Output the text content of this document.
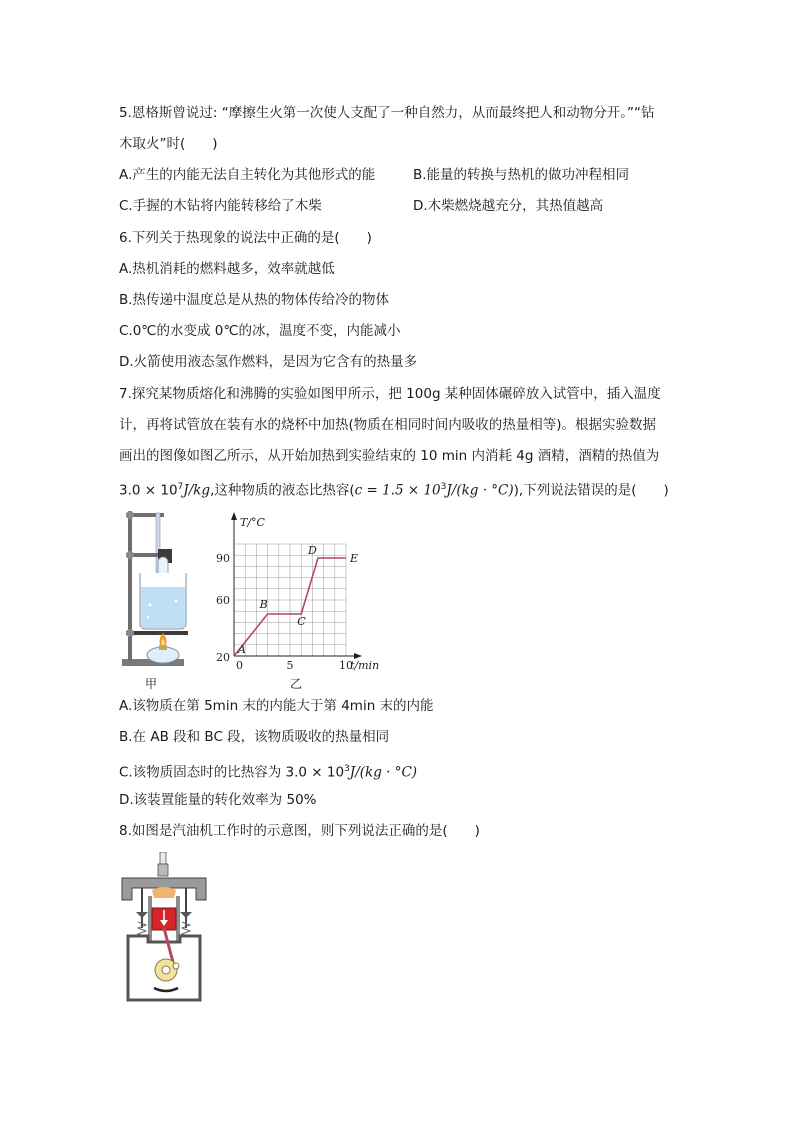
5.恩格斯曾说过: “摩擦生火第一次使人支配了一种自然力，从而最终把人和动物分开。”“钻
木取火”时(　　)
A.产生的内能无法自主转化为其他形式的能	B.能量的转换与热机的做功冲程相同
C.手握的木钻将内能转移给了木柴	D.木柴燃烧越充分，其热值越高
6.下列关于热现象的说法中正确的是(　　)
A.热机消耗的燃料越多，效率就越低
B.热传递中温度总是从热的物体传给冷的物体
C.0℃的水变成 0℃的冰，温度不变，内能减小
D.火箭使用液态氢作燃料，是因为它含有的热量多
7.探究某物质熔化和沸腾的实验如图甲所示，把 100g 某种固体碾碎放入试管中，插入温度
计，再将试管放在装有水的烧杯中加热(物质在相同时间内吸收的热量相等)。根据实验数据
画出的图像如图乙所示，从开始加热到实验结束的 10 min 内消耗 4g 酒精，酒精的热值为
$3.0 \times 10^7J/kg$,这种物质的液态比热容$(c = 1.5 \times 10^3J/(kg \cdot ^\circ C))$,下列说法错误的是(　　)
甲
T/°C
t/min
20
60
90
0	5	10
A
B
C
D
E
乙
A.该物质在第 5min 末的内能大于第 4min 末的内能
B.在 AB 段和 BC 段，该物质吸收的热量相同
C.该物质固态时的比热容为 $3.0 \times 10^3J/(kg \cdot ^\circ C)$
D.该装置能量的转化效率为 50%
8.如图是汽油机工作时的示意图，则下列说法正确的是(　　)
